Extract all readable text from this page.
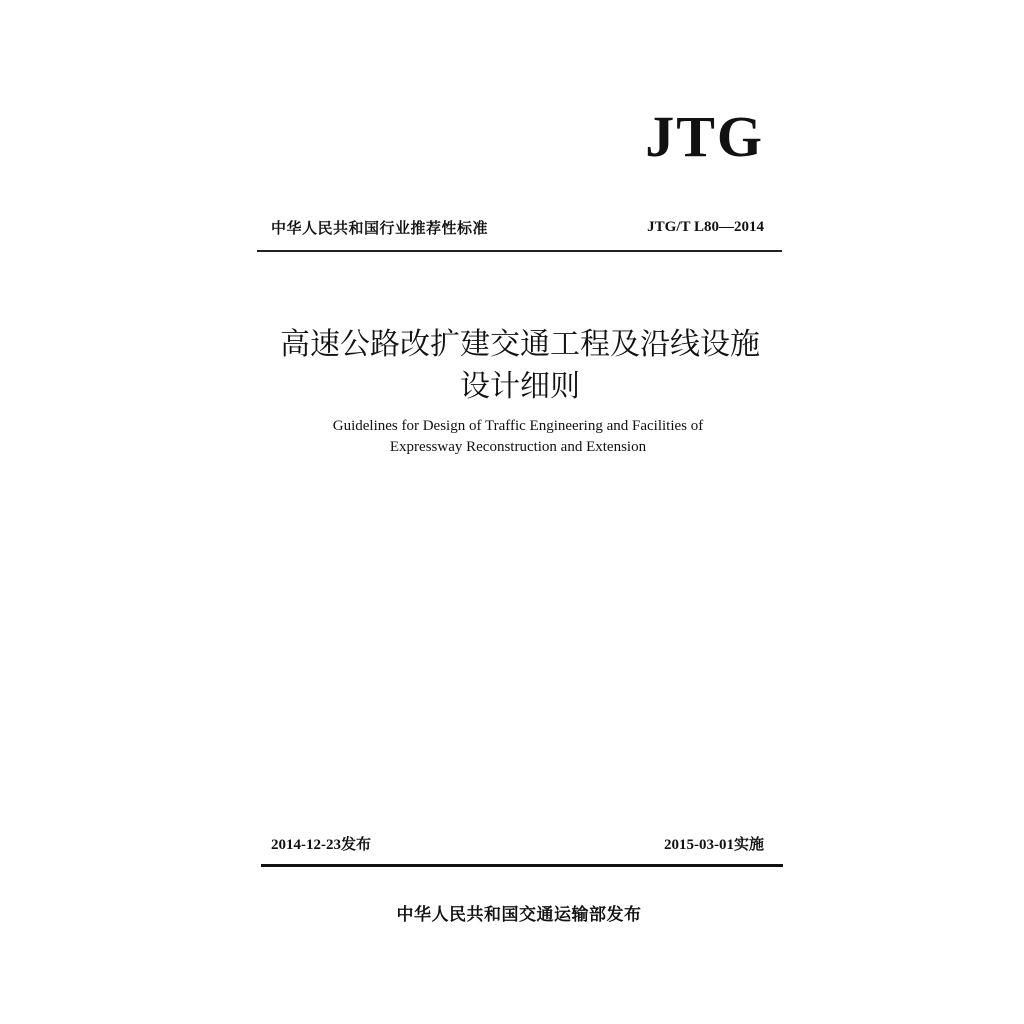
JTG
中华人民共和国行业推荐性标准	JTG/T L80—2014
高速公路改扩建交通工程及沿线设施
设计细则
Guidelines for Design of Traffic Engineering and Facilities of
Expressway Reconstruction and Extension
2014-12-23发布	2015-03-01实施
中华人民共和国交通运输部发布
